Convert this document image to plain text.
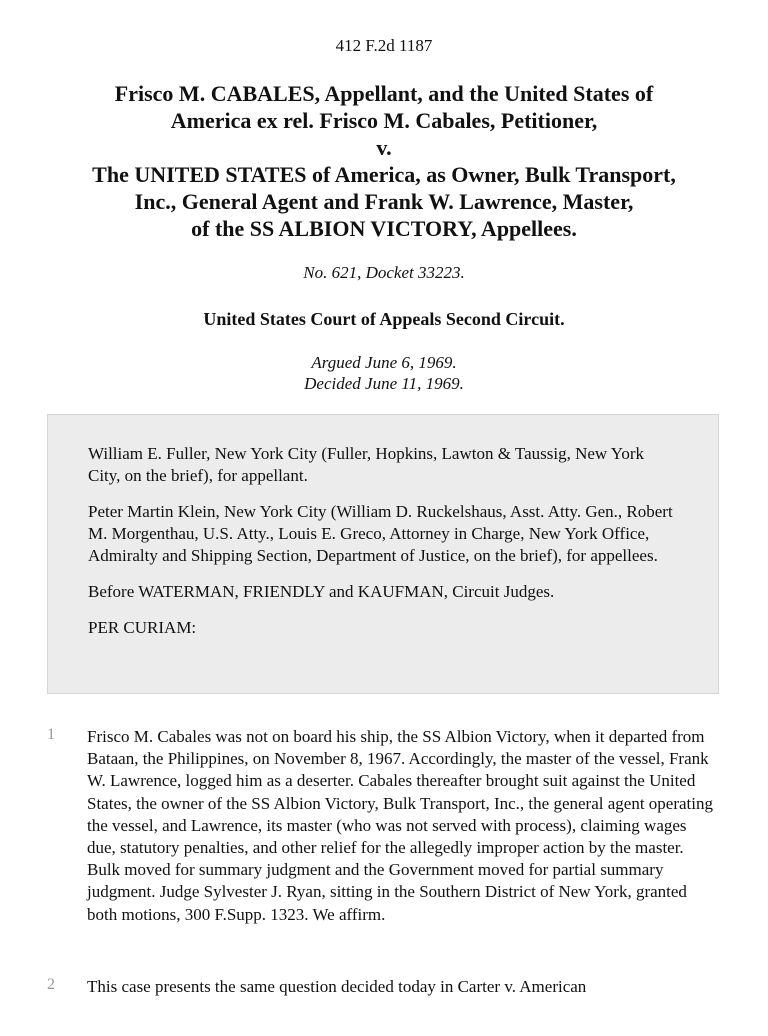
412 F.2d 1187
Frisco M. CABALES, Appellant, and the United States of
America ex rel. Frisco M. Cabales, Petitioner,
v.
The UNITED STATES of America, as Owner, Bulk Transport,
Inc., General Agent and Frank W. Lawrence, Master,
of the SS ALBION VICTORY, Appellees.
No. 621, Docket 33223.
United States Court of Appeals Second Circuit.
Argued June 6, 1969.
Decided June 11, 1969.

William E. Fuller, New York City (Fuller, Hopkins, Lawton & Taussig, New York City, on the brief), for appellant.

Peter Martin Klein, New York City (William D. Ruckelshaus, Asst. Atty. Gen., Robert M. Morgenthau, U.S. Atty., Louis E. Greco, Attorney in Charge, New York Office, Admiralty and Shipping Section, Department of Justice, on the brief), for appellees.

Before WATERMAN, FRIENDLY and KAUFMAN, Circuit Judges.

PER CURIAM:

1 Frisco M. Cabales was not on board his ship, the SS Albion Victory, when it departed from Bataan, the Philippines, on November 8, 1967. Accordingly, the master of the vessel, Frank W. Lawrence, logged him as a deserter. Cabales thereafter brought suit against the United States, the owner of the SS Albion Victory, Bulk Transport, Inc., the general agent operating the vessel, and Lawrence, its master (who was not served with process), claiming wages due, statutory penalties, and other relief for the allegedly improper action by the master. Bulk moved for summary judgment and the Government moved for partial summary judgment. Judge Sylvester J. Ryan, sitting in the Southern District of New York, granted both motions, 300 F.Supp. 1323. We affirm.

2 This case presents the same question decided today in Carter v. American
